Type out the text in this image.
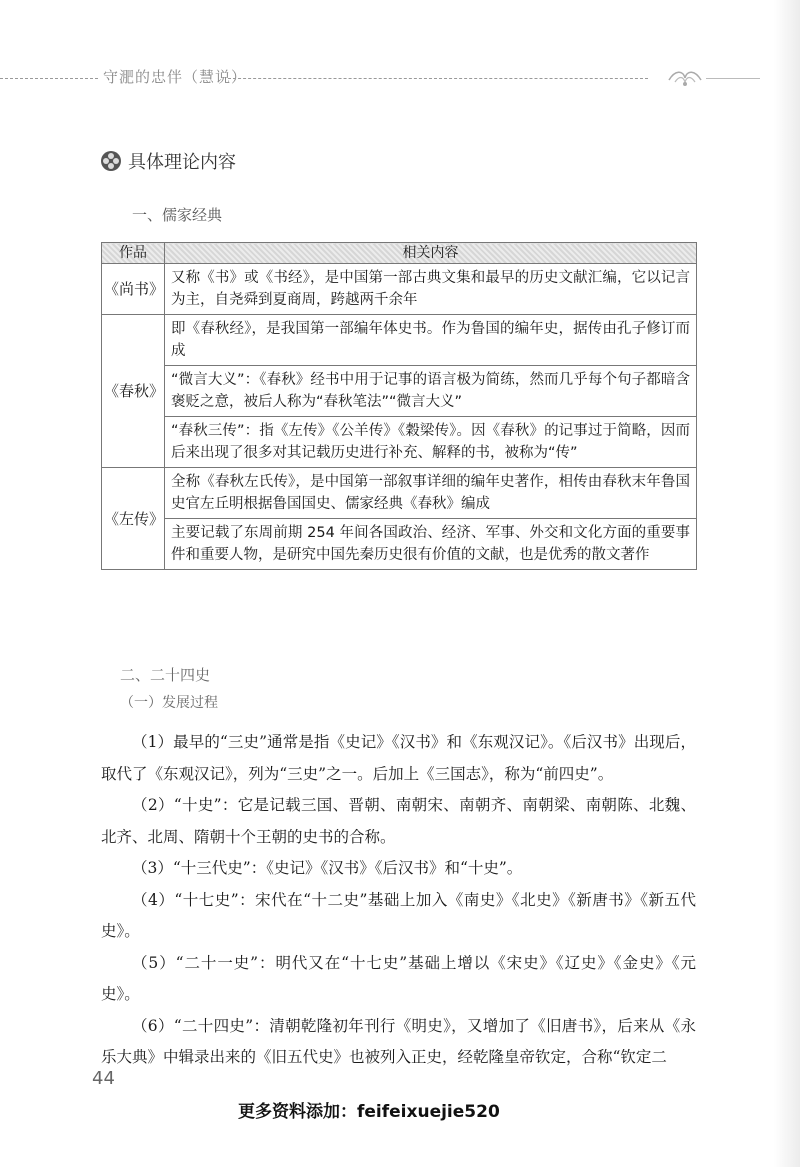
守淝的忠伴（慧说）
具体理论内容
一、儒家经典
作品	相关内容
《尚书》	又称《书》或《书经》，是中国第一部古典文集和最早的历史文献汇编，它以记言为主，自尧舜到夏商周，跨越两千余年
《春秋》	即《春秋经》，是我国第一部编年体史书。作为鲁国的编年史，据传由孔子修订而成
	“微言大义”：《春秋》经书中用于记事的语言极为简练，然而几乎每个句子都暗含褒贬之意，被后人称为“春秋笔法”“微言大义”
	“春秋三传”：指《左传》《公羊传》《穀梁传》。因《春秋》的记事过于简略，因而后来出现了很多对其记载历史进行补充、解释的书，被称为“传”
《左传》	全称《春秋左氏传》，是中国第一部叙事详细的编年史著作，相传由春秋末年鲁国史官左丘明根据鲁国国史、儒家经典《春秋》编成
	主要记载了东周前期 254 年间各国政治、经济、军事、外交和文化方面的重要事件和重要人物，是研究中国先秦历史很有价值的文献，也是优秀的散文著作
二、二十四史
（一）发展过程

（1）最早的“三史”通常是指《史记》《汉书》和《东观汉记》。《后汉书》出现后，取代了《东观汉记》，列为“三史”之一。后加上《三国志》，称为“前四史”。

（2）“十史”：它是记载三国、晋朝、南朝宋、南朝齐、南朝梁、南朝陈、北魏、北齐、北周、隋朝十个王朝的史书的合称。

（3）“十三代史”：《史记》《汉书》《后汉书》和“十史”。

（4）“十七史”：宋代在“十二史”基础上加入《南史》《北史》《新唐书》《新五代史》。

（5）“二十一史”：明代又在“十七史”基础上增以《宋史》《辽史》《金史》《元史》。

（6）“二十四史”：清朝乾隆初年刊行《明史》，又增加了《旧唐书》，后来从《永乐大典》中辑录出来的《旧五代史》也被列入正史，经乾隆皇帝钦定，合称“钦定二

44
更多资料添加：feifeixuejie520
